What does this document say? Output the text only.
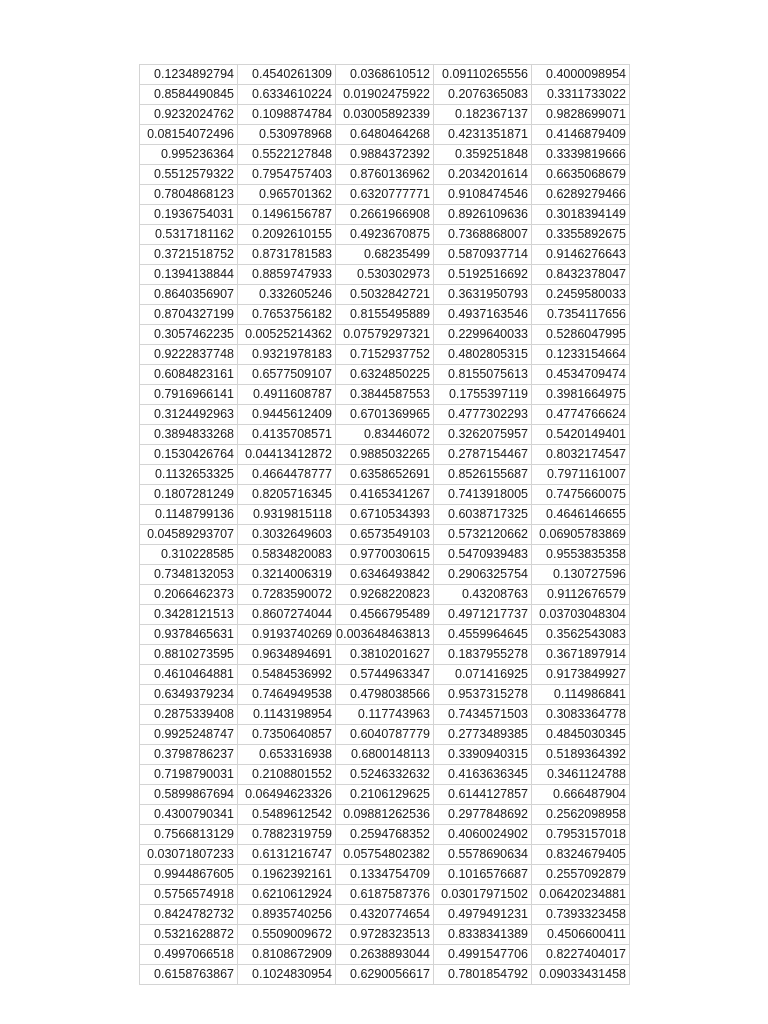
0.1234892794	0.4540261309	0.0368610512	0.09110265556	0.4000098954
0.8584490845	0.6334610224	0.01902475922	0.2076365083	0.3311733022
0.9232024762	0.1098874784	0.03005892339	0.182367137	0.9828699071
0.08154072496	0.530978968	0.6480464268	0.4231351871	0.4146879409
0.995236364	0.5522127848	0.9884372392	0.359251848	0.3339819666
0.5512579322	0.7954757403	0.8760136962	0.2034201614	0.6635068679
0.7804868123	0.965701362	0.6320777771	0.9108474546	0.6289279466
0.1936754031	0.1496156787	0.2661966908	0.8926109636	0.3018394149
0.5317181162	0.2092610155	0.4923670875	0.7368868007	0.3355892675
0.3721518752	0.8731781583	0.68235499	0.5870937714	0.9146276643
0.1394138844	0.8859747933	0.530302973	0.5192516692	0.8432378047
0.8640356907	0.332605246	0.5032842721	0.3631950793	0.2459580033
0.8704327199	0.7653756182	0.8155495889	0.4937163546	0.7354117656
0.3057462235	0.00525214362	0.07579297321	0.2299640033	0.5286047995
0.9222837748	0.9321978183	0.7152937752	0.4802805315	0.1233154664
0.6084823161	0.6577509107	0.6324850225	0.8155075613	0.4534709474
0.7916966141	0.4911608787	0.3844587553	0.1755397119	0.3981664975
0.3124492963	0.9445612409	0.6701369965	0.4777302293	0.4774766624
0.3894833268	0.4135708571	0.83446072	0.3262075957	0.5420149401
0.1530426764	0.04413412872	0.9885032265	0.2787154467	0.8032174547
0.1132653325	0.4664478777	0.6358652691	0.8526155687	0.7971161007
0.1807281249	0.8205716345	0.4165341267	0.7413918005	0.7475660075
0.1148799136	0.9319815118	0.6710534393	0.6038717325	0.4646146655
0.04589293707	0.3032649603	0.6573549103	0.5732120662	0.06905783869
0.310228585	0.5834820083	0.9770030615	0.5470939483	0.9553835358
0.7348132053	0.3214006319	0.6346493842	0.2906325754	0.130727596
0.2066462373	0.7283590072	0.9268220823	0.43208763	0.9112676579
0.3428121513	0.8607274044	0.4566795489	0.4971217737	0.03703048304
0.9378465631	0.9193740269	0.003648463813	0.4559964645	0.3562543083
0.8810273595	0.9634894691	0.3810201627	0.1837955278	0.3671897914
0.4610464881	0.5484536992	0.5744963347	0.071416925	0.9173849927
0.6349379234	0.7464949538	0.4798038566	0.9537315278	0.114986841
0.2875339408	0.1143198954	0.117743963	0.7434571503	0.3083364778
0.9925248747	0.7350640857	0.6040787779	0.2773489385	0.4845030345
0.3798786237	0.653316938	0.6800148113	0.3390940315	0.5189364392
0.7198790031	0.2108801552	0.5246332632	0.4163636345	0.3461124788
0.5899867694	0.06494623326	0.2106129625	0.6144127857	0.666487904
0.4300790341	0.5489612542	0.09881262536	0.2977848692	0.2562098958
0.7566813129	0.7882319759	0.2594768352	0.4060024902	0.7953157018
0.03071807233	0.6131216747	0.05754802382	0.5578690634	0.8324679405
0.9944867605	0.1962392161	0.1334754709	0.1016576687	0.2557092879
0.5756574918	0.6210612924	0.6187587376	0.03017971502	0.06420234881
0.8424782732	0.8935740256	0.4320774654	0.4979491231	0.7393323458
0.5321628872	0.5509009672	0.9728323513	0.8338341389	0.4506600411
0.4997066518	0.8108672909	0.2638893044	0.4991547706	0.8227404017
0.6158763867	0.1024830954	0.6290056617	0.7801854792	0.09033431458
